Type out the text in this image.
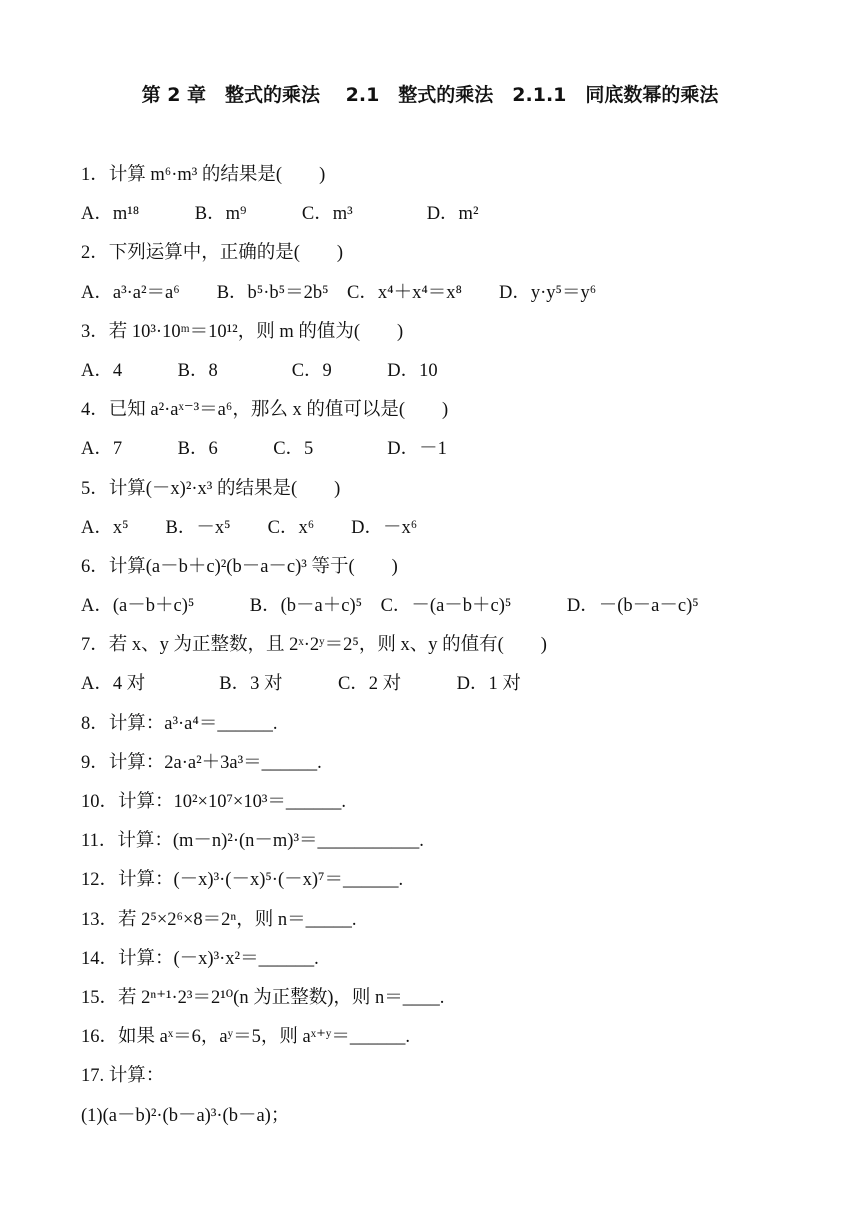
第 2 章　整式的乘法　 2.1　整式的乘法　2.1.1　同底数幂的乘法
1．计算 m⁶·m³ 的结果是(　　)
A．m¹⁸　　　B．m⁹　　　C．m³　　　　D．m²
2．下列运算中，正确的是(　　)
A．a³·a²＝a⁶　　B．b⁵·b⁵＝2b⁵　C．x⁴＋x⁴＝x⁸　　D．y·y⁵＝y⁶
3．若 10³·10ᵐ＝10¹²，则 m 的值为(　　)
A．4　　　B．8　　　　C．9　　　D．10
4．已知 a²·aˣ⁻³＝a⁶，那么 x 的值可以是(　　)
A．7　　　B．6　　　C．5　　　　D．－1
5．计算(－x)²·x³ 的结果是(　　)
A．x⁵　　B．－x⁵　　C．x⁶　　D．－x⁶
6．计算(a－b＋c)²(b－a－c)³ 等于(　　)
A．(a－b＋c)⁵　　　B．(b－a＋c)⁵　C．－(a－b＋c)⁵　　　D．－(b－a－c)⁵
7．若 x、y 为正整数，且 2ˣ·2ʸ＝2⁵，则 x、y 的值有(　　)
A．4 对　　　　B．3 对　　　C．2 对　　　D．1 对
8．计算：a³·a⁴＝______.
9．计算：2a·a²＋3a³＝______.
10．计算：10²×10⁷×10³＝______.
11．计算：(m－n)²·(n－m)³＝___________.
12．计算：(－x)³·(－x)⁵·(－x)⁷＝______.
13．若 2⁵×2⁶×8＝2ⁿ，则 n＝_____.
14．计算：(－x)³·x²＝______.
15．若 2ⁿ⁺¹·2³＝2¹⁰(n 为正整数)，则 n＝____.
16．如果 aˣ＝6，aʸ＝5，则 aˣ⁺ʸ＝______.
17. 计算：
(1)(a－b)²·(b－a)³·(b－a)；
